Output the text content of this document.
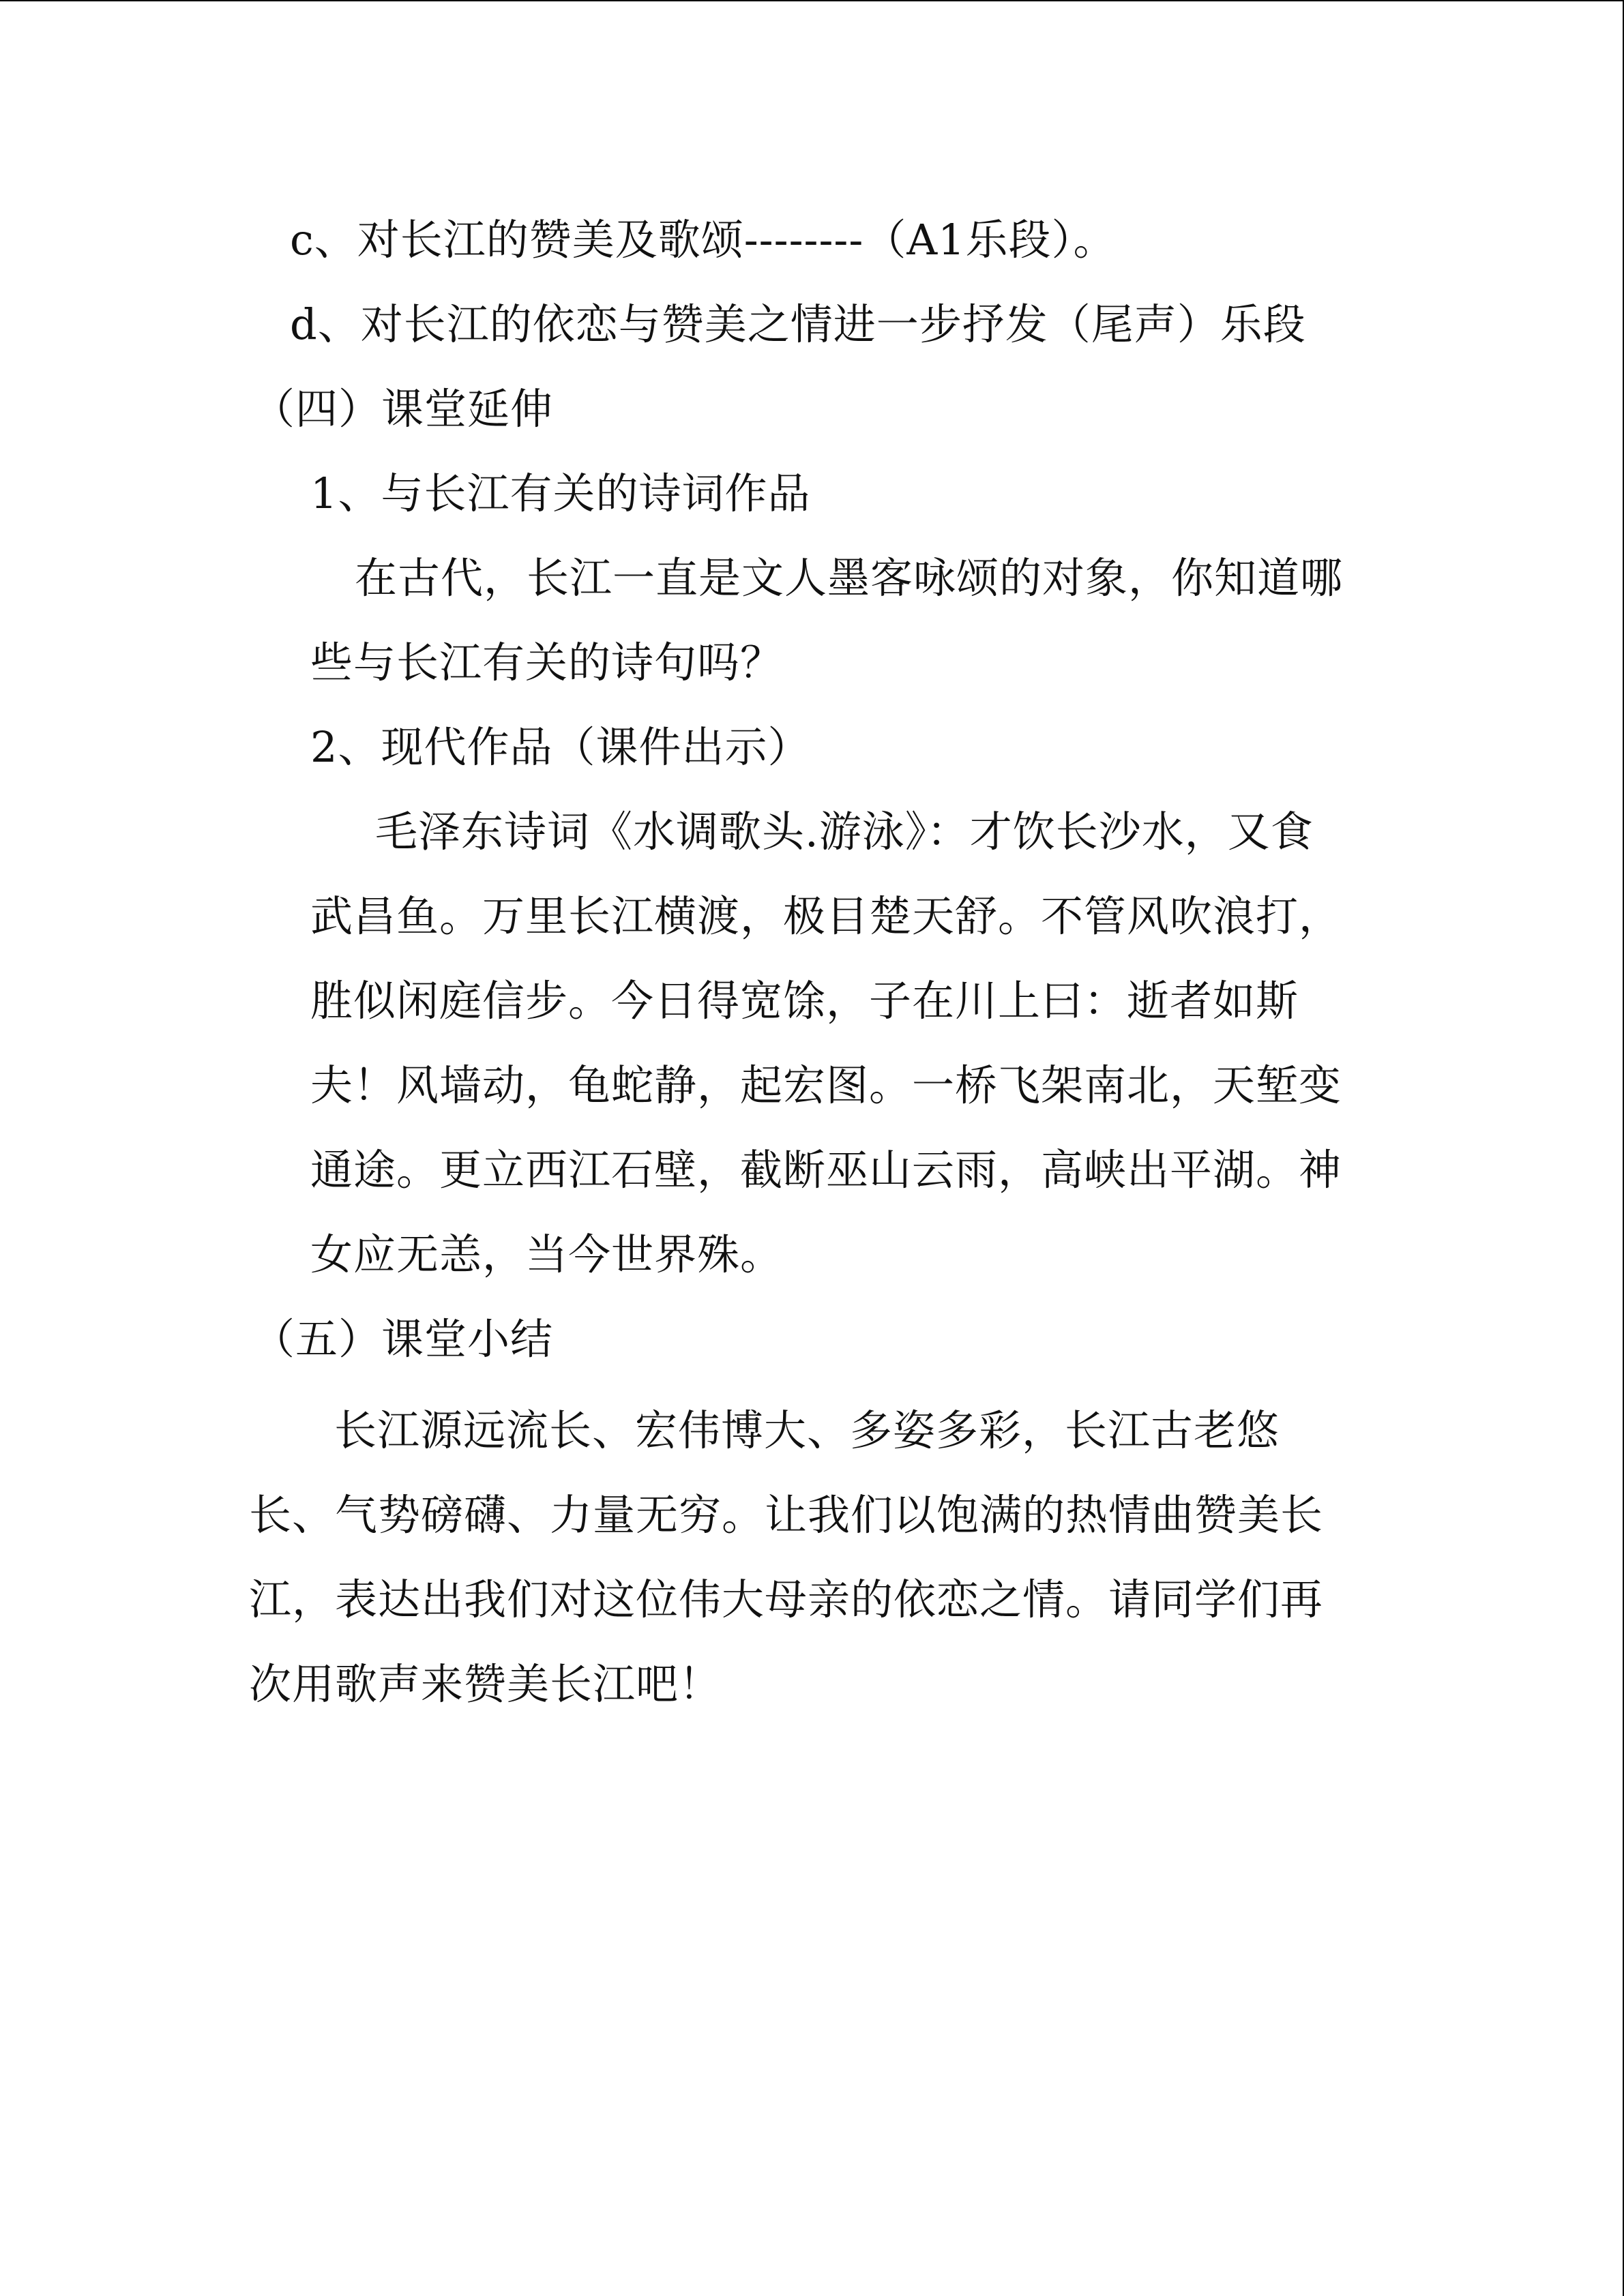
c、对长江的赞美及歌颂--------（A1乐段）。
d、对长江的依恋与赞美之情进一步抒发（尾声）乐段
（四）课堂延伸
1、与长江有关的诗词作品
在古代，长江一直是文人墨客咏颂的对象，你知道哪
些与长江有关的诗句吗？
2、现代作品（课件出示）
毛泽东诗词《水调歌头.游泳》：才饮长沙水，又食
武昌鱼。万里长江横渡，极目楚天舒。不管风吹浪打，
胜似闲庭信步。今日得宽馀，子在川上曰：逝者如斯
夫！风墙动，龟蛇静，起宏图。一桥飞架南北，天堑变
通途。更立西江石壁，截断巫山云雨，高峡出平湖。神
女应无恙，当今世界殊。
（五）课堂小结
长江源远流长、宏伟博大、多姿多彩，长江古老悠
长、气势磅礴、力量无穷。让我们以饱满的热情曲赞美长
江，表达出我们对这位伟大母亲的依恋之情。请同学们再
次用歌声来赞美长江吧！
